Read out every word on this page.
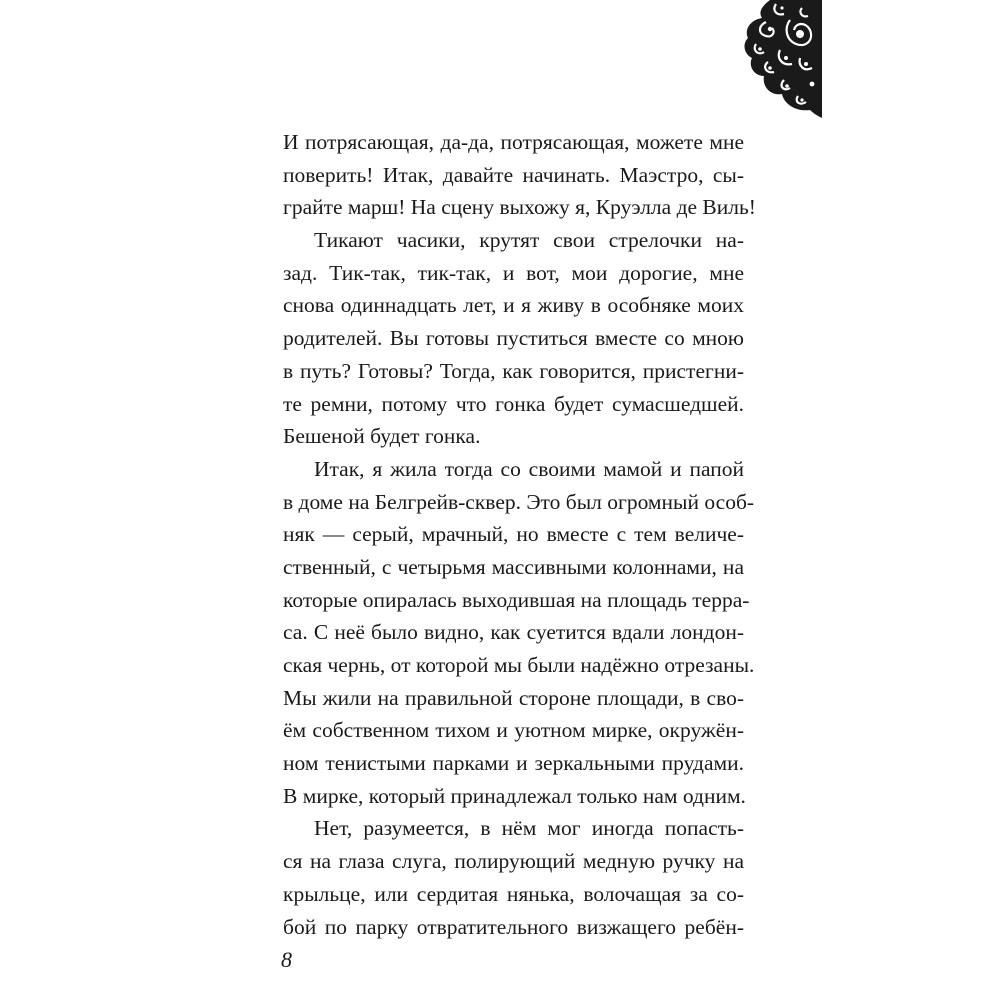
И потрясающая, да-да, потрясающая, можете мне
поверить! Итак, давайте начинать. Маэстро, сы-
грайте марш! На сцену выхожу я, Круэлла де Виль!
Тикают часики, крутят свои стрелочки на-
зад. Тик-так, тик-так, и вот, мои дорогие, мне
снова одиннадцать лет, и я живу в особняке моих
родителей. Вы готовы пуститься вместе со мною
в путь? Готовы? Тогда, как говорится, пристегни-
те ремни, потому что гонка будет сумасшедшей.
Бешеной будет гонка.
Итак, я жила тогда со своими мамой и папой
в доме на Белгрейв-сквер. Это был огромный особ-
няк — серый, мрачный, но вместе с тем величе-
ственный, с четырьмя массивными колоннами, на
которые опиралась выходившая на площадь терра-
са. С неё было видно, как суетится вдали лондон-
ская чернь, от которой мы были надёжно отрезаны.
Мы жили на правильной стороне площади, в сво-
ём собственном тихом и уютном мирке, окружён-
ном тенистыми парками и зеркальными прудами.
В мирке, который принадлежал только нам одним.
Нет, разумеется, в нём мог иногда попасть-
ся на глаза слуга, полирующий медную ручку на
крыльце, или сердитая нянька, волочащая за со-
бой по парку отвратительного визжащего ребён-
8
